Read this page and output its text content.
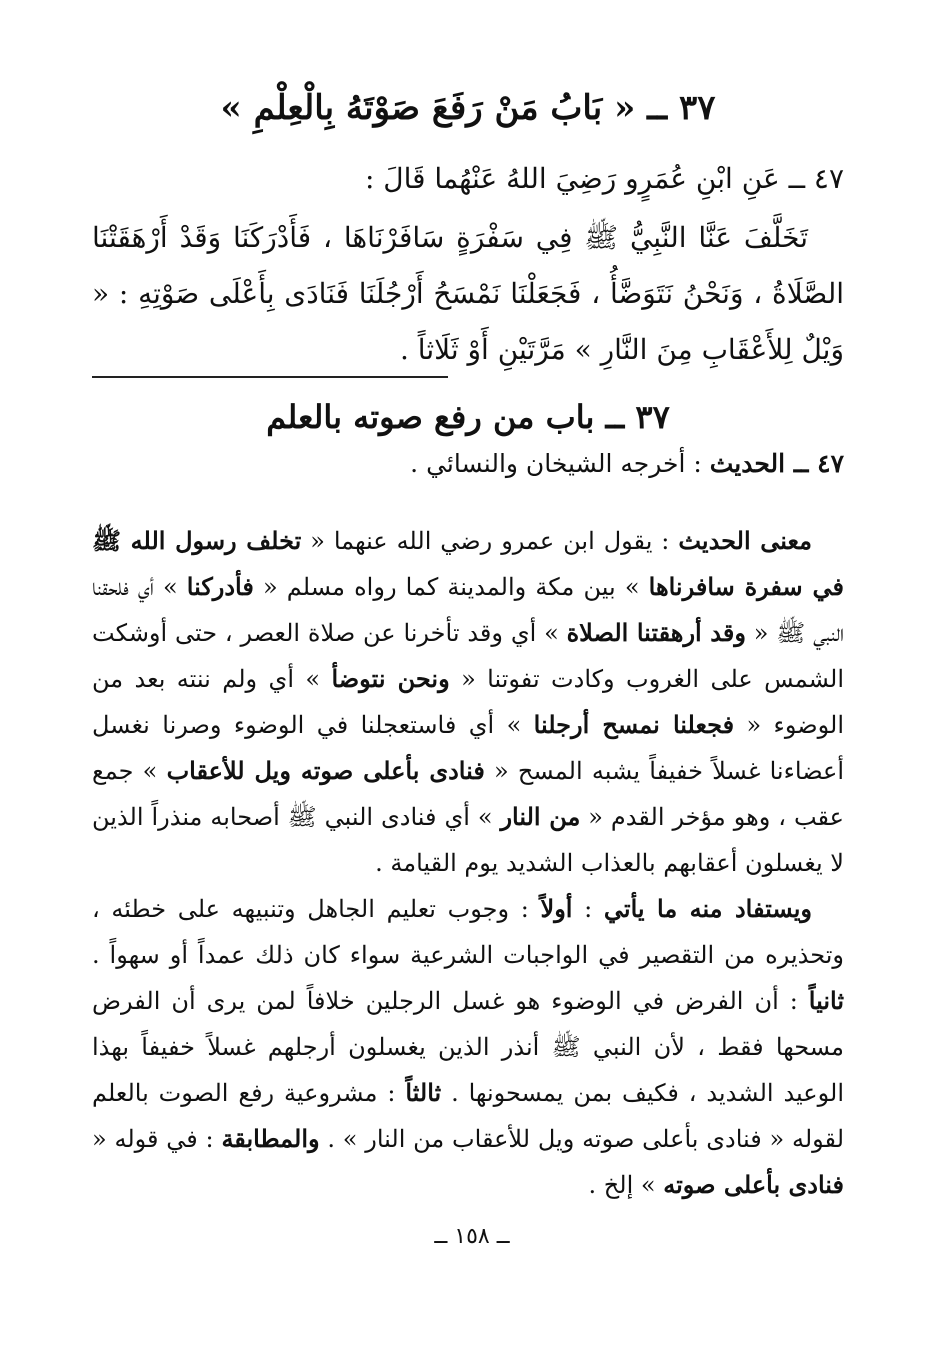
٣٧ ــ « بَابُ مَنْ رَفَعَ صَوْتَهُ بِالْعِلْمِ »
٤٧ ــ عَنِ ابْنِ عُمَرٍو رَضِيَ اللهُ عَنْهُما قَالَ :

تَخَلَّفَ عَنَّا النَّبِيُّ ﷺ فِي سَفْرَةٍ سَافَرْنَاهَا ، فَأَدْرَكَنَا وَقَدْ أَرْهَقَتْنَا الصَّلَاةُ ، وَنَحْنُ نَتَوَضَّأُ ، فَجَعَلْنَا نَمْسَحُ أَرْجُلَنَا فَنَادَى بِأَعْلَى صَوْتِهِ : « وَيْلٌ لِلأَعْقَابِ مِنَ النَّارِ » مَرَّتَيْنِ أَوْ ثَلَاثاً .

٣٧ ــ باب من رفع صوته بالعلم
٤٧ ــ الحديث : أخرجه الشيخان والنسائي .

معنى الحديث : يقول ابن عمرو رضي الله عنهما « تخلف رسول الله ﷺ في سفرة سافرناها » بين مكة والمدينة كما رواه مسلم « فأدركنا » أي فلحقنا النبي ﷺ « وقد أرهقتنا الصلاة » أي وقد تأخرنا عن صلاة العصر ، حتى أوشكت الشمس على الغروب وكادت تفوتنا « ونحن نتوضأ » أي ولم ننته بعد من الوضوء « فجعلنا نمسح أرجلنا » أي فاستعجلنا في الوضوء وصرنا نغسل أعضاءنا غسلاً خفيفاً يشبه المسح « فنادى بأعلى صوته ويل للأعقاب » جمع عقب ، وهو مؤخر القدم « من النار » أي فنادى النبي ﷺ أصحابه منذراً الذين لا يغسلون أعقابهم بالعذاب الشديد يوم القيامة .

ويستفاد منه ما يأتي : أولاً : وجوب تعليم الجاهل وتنبيهه على خطئه ، وتحذيره من التقصير في الواجبات الشرعية سواء كان ذلك عمداً أو سهواً . ثانياً : أن الفرض في الوضوء هو غسل الرجلين خلافاً لمن يرى أن الفرض مسحها فقط ، لأن النبي ﷺ أنذر الذين يغسلون أرجلهم غسلاً خفيفاً بهذا الوعيد الشديد ، فكيف بمن يمسحونها . ثالثاً : مشروعية رفع الصوت بالعلم لقوله « فنادى بأعلى صوته ويل للأعقاب من النار » . والمطابقة : في قوله « فنادى بأعلى صوته » إلخ .

ــ ١٥٨ ــ
